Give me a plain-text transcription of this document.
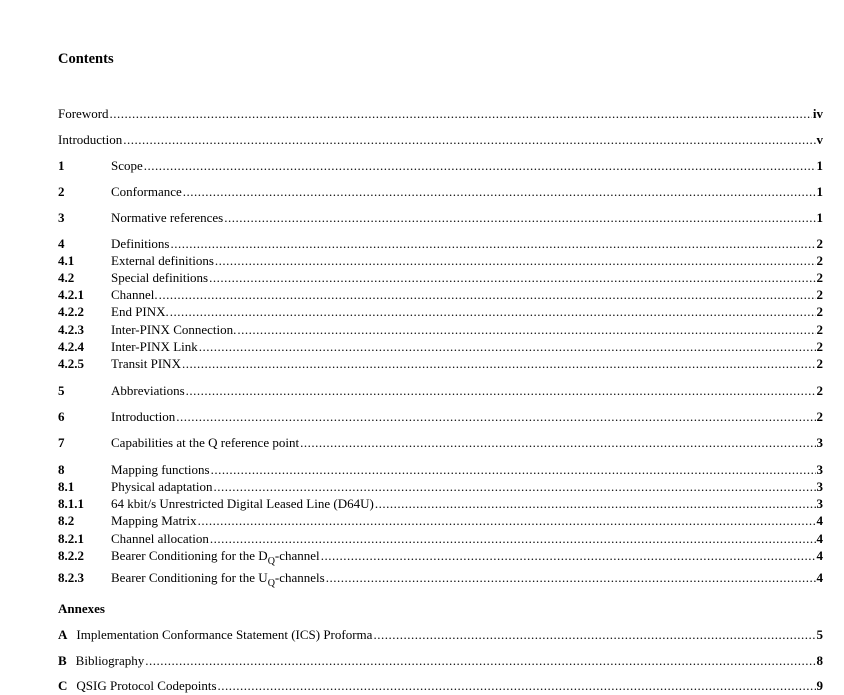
Contents
Foreword .....	iv
Introduction .....	v
1	Scope .....	1
2	Conformance .....	1
3	Normative references .....	1
4	Definitions .....	2
4.1	External definitions .....	2
4.2	Special definitions .....	2
4.2.1	Channel. .....	2
4.2.2	End PINX. .....	2
4.2.3	Inter-PINX Connection. .....	2
4.2.4	Inter-PINX Link .....	2
4.2.5	Transit PINX .....	2
5	Abbreviations .....	2
6	Introduction .....	2
7	Capabilities at the Q reference point .....	3
8	Mapping functions .....	3
8.1	Physical adaptation .....	3
8.1.1	64 kbit/s Unrestricted Digital Leased Line (D64U) .....	3
8.2	Mapping Matrix .....	4
8.2.1	Channel allocation .....	4
8.2.2	Bearer Conditioning for the $D_Q$-channel .....	4
8.2.3	Bearer Conditioning for the $U_Q$-channels .....	4
Annexes
A Implementation Conformance Statement (ICS) Proforma .....	5
B Bibliography .....	8
C QSIG Protocol Codepoints .....	9
